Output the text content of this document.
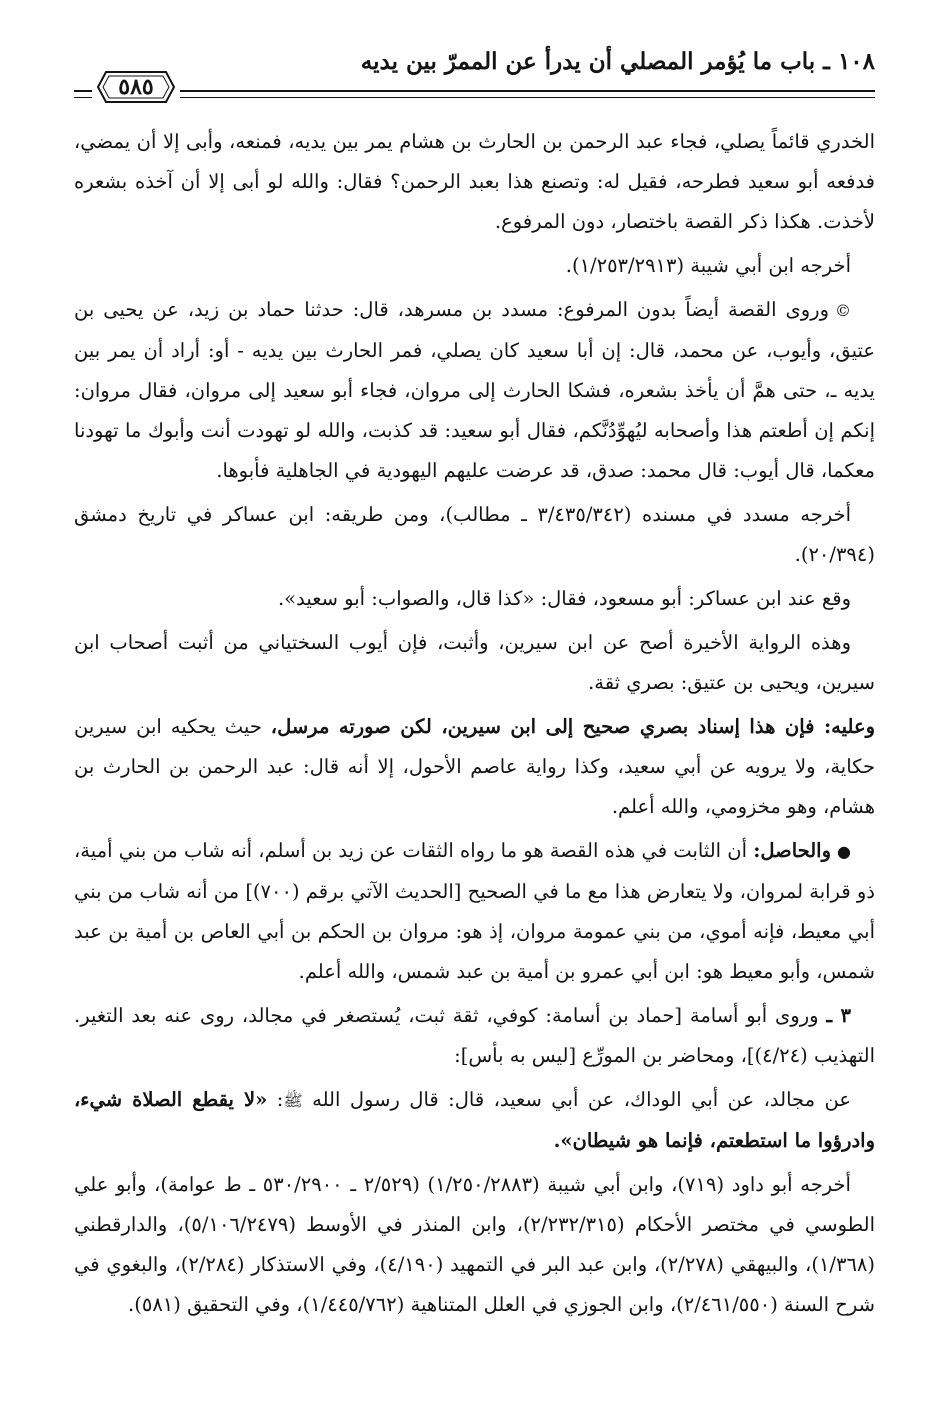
١٠٨ ـ باب ما يُؤمر المصلي أن يدرأ عن الممرّ بين يديه
٥٨٥

الخدري قائماً يصلي، فجاء عبد الرحمن بن الحارث بن هشام يمر بين يديه، فمنعه، وأبى إلا أن يمضي، فدفعه أبو سعيد فطرحه، فقيل له: وتصنع هذا بعبد الرحمن؟ فقال: والله لو أبى إلا أن آخذه بشعره لأخذت. هكذا ذكر القصة باختصار، دون المرفوع.

أخرجه ابن أبي شيبة (١/٢٥٣/٢٩١٣).

©وروى القصة أيضاً بدون المرفوع: مسدد بن مسرهد، قال: حدثنا حماد بن زيد، عن يحيى بن عتيق، وأيوب، عن محمد، قال: إن أبا سعيد كان يصلي، فمر الحارث بين يديه - أو: أراد أن يمر بين يديه ـ، حتى همَّ أن يأخذ بشعره، فشكا الحارث إلى مروان، فجاء أبو سعيد إلى مروان، فقال مروان: إنكم إن أطعتم هذا وأصحابه ليُهوِّدُنَّكم، فقال أبو سعيد: قد كذبت، والله لو تهودت أنت وأبوك ما تهودنا معكما، قال أيوب: قال محمد: صدق، قد عرضت عليهم اليهودية في الجاهلية فأبوها.

أخرجه مسدد في مسنده (٣/٤٣٥/٣٤٢ ـ مطالب)، ومن طريقه: ابن عساكر في تاريخ دمشق (٢٠/٣٩٤).

وقع عند ابن عساكر: أبو مسعود، فقال: «كذا قال، والصواب: أبو سعيد».

وهذه الرواية الأخيرة أصح عن ابن سيرين، وأثبت، فإن أيوب السختياني من أثبت أصحاب ابن سيرين، ويحيى بن عتيق: بصري ثقة.

وعليه: فإن هذا إسناد بصري صحيح إلى ابن سيرين، لكن صورته مرسل، حيث يحكيه ابن سيرين حكاية، ولا يرويه عن أبي سعيد، وكذا رواية عاصم الأحول، إلا أنه قال: عبد الرحمن بن الحارث بن هشام، وهو مخزومي، والله أعلم.

●والحاصل: أن الثابت في هذه القصة هو ما رواه الثقات عن زيد بن أسلم، أنه شاب من بني أمية، ذو قرابة لمروان، ولا يتعارض هذا مع ما في الصحيح [الحديث الآتي برقم (٧٠٠)] من أنه شاب من بني أبي معيط، فإنه أموي، من بني عمومة مروان، إذ هو: مروان بن الحكم بن أبي العاص بن أمية بن عبد شمس، وأبو معيط هو: ابن أبي عمرو بن أمية بن عبد شمس، والله أعلم.

٣ ـ وروى أبو أسامة [حماد بن أسامة: كوفي، ثقة ثبت، يُستصغر في مجالد، روى عنه بعد التغير. التهذيب (٤/٢٤)]، ومحاضر بن المورِّع [ليس به بأس]:

عن مجالد، عن أبي الوداك، عن أبي سعيد، قال: قال رسول الله ﷺ: «لا يقطع الصلاة شيء، وادرؤوا ما استطعتم، فإنما هو شيطان».

أخرجه أبو داود (٧١٩)، وابن أبي شيبة (١/٢٥٠/٢٨٨٣) (٢/٥٢٩ ـ ٥٣٠/٢٩٠٠ ـ ط عوامة)، وأبو علي الطوسي في مختصر الأحكام (٢/٢٣٢/٣١٥)، وابن المنذر في الأوسط (٥/١٠٦/٢٤٧٩)، والدارقطني (١/٣٦٨)، والبيهقي (٢/٢٧٨)، وابن عبد البر في التمهيد (٤/١٩٠)، وفي الاستذكار (٢/٢٨٤)، والبغوي في شرح السنة (٢/٤٦١/٥٥٠)، وابن الجوزي في العلل المتناهية (١/٤٤٥/٧٦٢)، وفي التحقيق (٥٨١).
